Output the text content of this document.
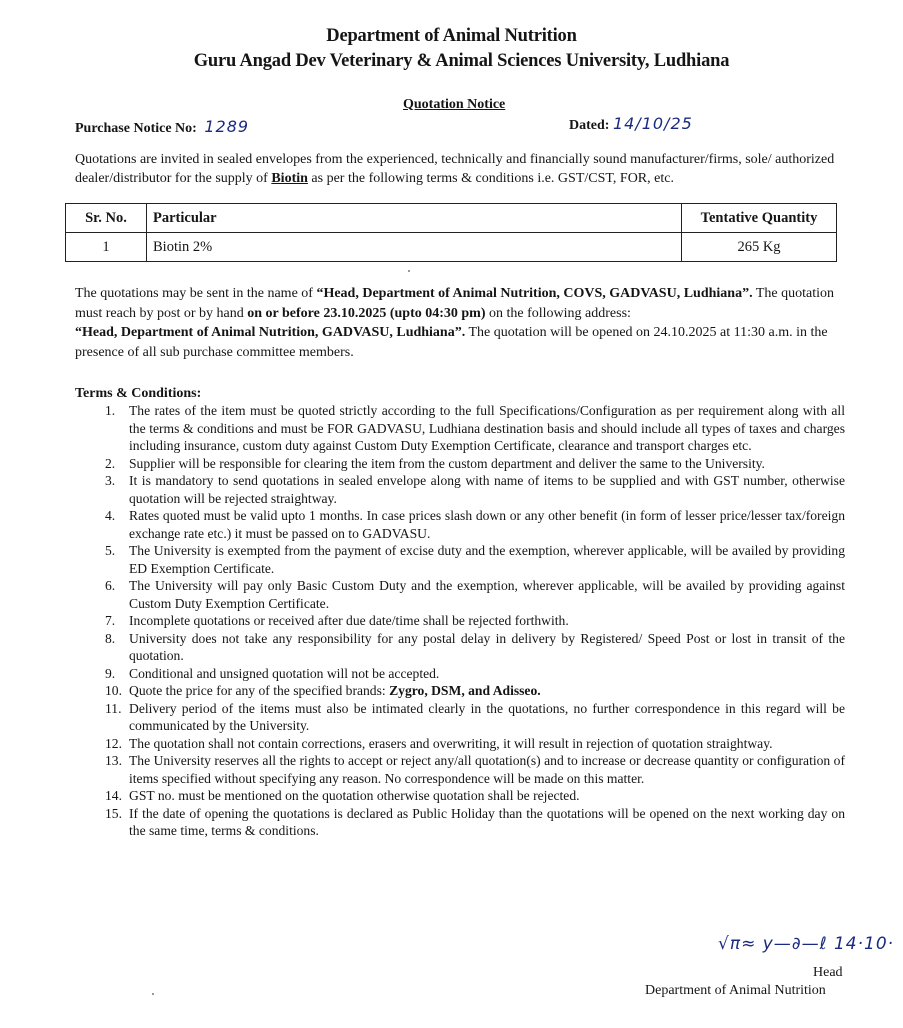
Department of Animal Nutrition
Guru Angad Dev Veterinary & Animal Sciences University, Ludhiana
Quotation Notice
Purchase Notice No: 1289	Dated: 14/10/25
Quotations are invited in sealed envelopes from the experienced, technically and financially sound manufacturer/firms, sole/ authorized dealer/distributor for the supply of Biotin as per the following terms & conditions i.e. GST/CST, FOR, etc.
Sr. No.	Particular	Tentative Quantity
1	Biotin 2%	265 Kg
The quotations may be sent in the name of “Head, Department of Animal Nutrition, COVS, GADVASU, Ludhiana”. The quotation must reach by post or by hand on or before 23.10.2025 (upto 04:30 pm) on the following address:
“Head, Department of Animal Nutrition, GADVASU, Ludhiana”. The quotation will be opened on 24.10.2025 at 11:30 a.m. in the presence of all sub purchase committee members.
Terms & Conditions:
1. The rates of the item must be quoted strictly according to the full Specifications/Configuration as per requirement along with all the terms & conditions and must be FOR GADVASU, Ludhiana destination basis and should include all types of taxes and charges including insurance, custom duty against Custom Duty Exemption Certificate, clearance and transport charges etc.
2. Supplier will be responsible for clearing the item from the custom department and deliver the same to the University.
3. It is mandatory to send quotations in sealed envelope along with name of items to be supplied and with GST number, otherwise quotation will be rejected straightway.
4. Rates quoted must be valid upto 1 months. In case prices slash down or any other benefit (in form of lesser price/lesser tax/foreign exchange rate etc.) it must be passed on to GADVASU.
5. The University is exempted from the payment of excise duty and the exemption, wherever applicable, will be availed by providing ED Exemption Certificate.
6. The University will pay only Basic Custom Duty and the exemption, wherever applicable, will be availed by providing against Custom Duty Exemption Certificate.
7. Incomplete quotations or received after due date/time shall be rejected forthwith.
8. University does not take any responsibility for any postal delay in delivery by Registered/ Speed Post or lost in transit of the quotation.
9. Conditional and unsigned quotation will not be accepted.
10. Quote the price for any of the specified brands: Zygro, DSM, and Adisseo.
11. Delivery period of the items must also be intimated clearly in the quotations, no further correspondence in this regard will be communicated by the University.
12. The quotation shall not contain corrections, erasers and overwriting, it will result in rejection of quotation straightway.
13. The University reserves all the rights to accept or reject any/all quotation(s) and to increase or decrease quantity or configuration of items specified without specifying any reason. No correspondence will be made on this matter.
14. GST no. must be mentioned on the quotation otherwise quotation shall be rejected.
15. If the date of opening the quotations is declared as Public Holiday than the quotations will be opened on the next working day on the same time, terms & conditions.
√π≈ y—∂—ℓ 14·10·
Head
Department of Animal Nutrition
